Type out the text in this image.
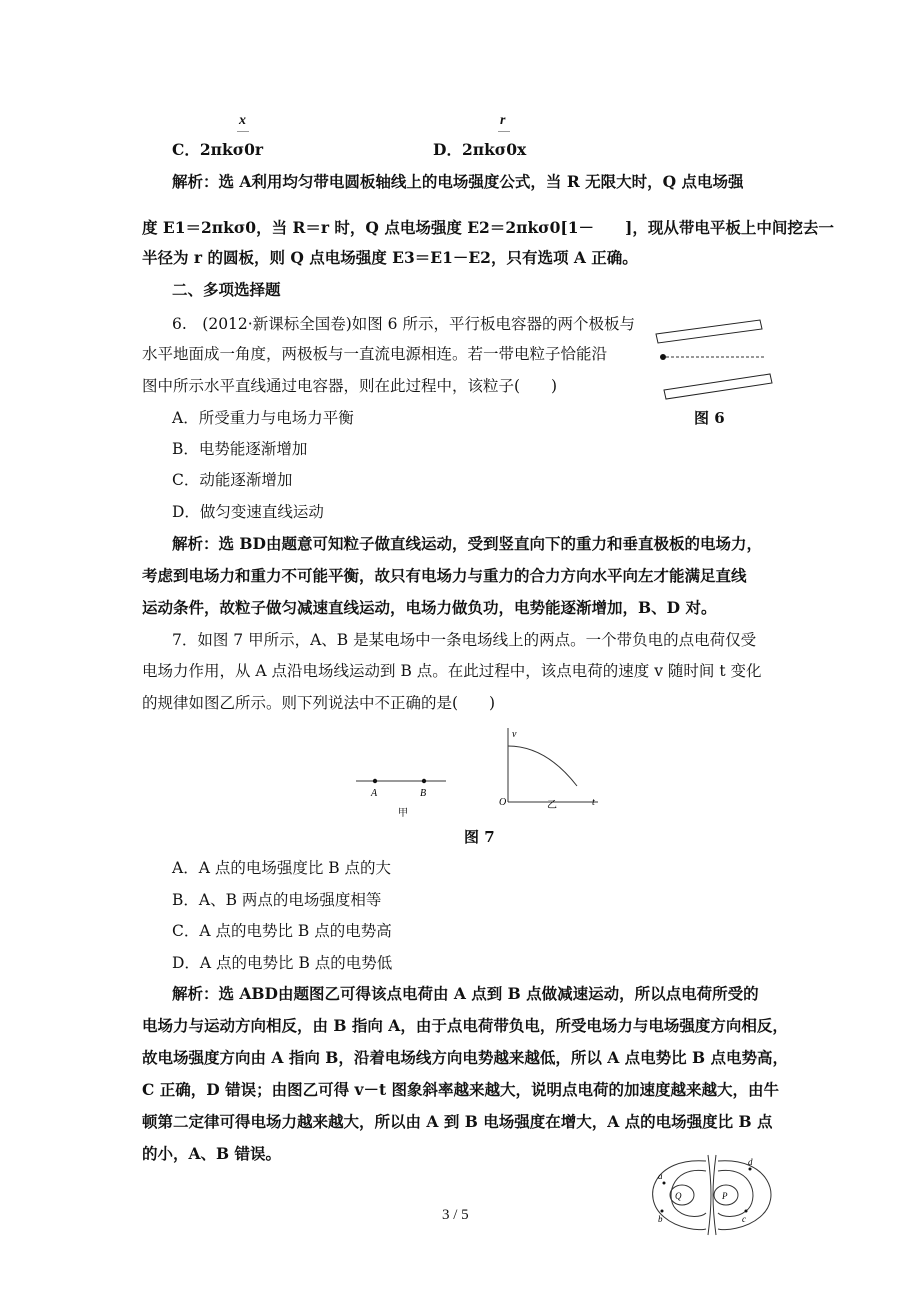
x	r
C．2πkσ0r	D．2πkσ0x
解析：选 A利用均匀带电圆板轴线上的电场强度公式，当 R 无限大时，Q 点电场强
度 E1＝2πkσ0，当 R＝r 时，Q 点电场强度 E2＝2πkσ0[1－　　]，现从带电平板上中间挖去一
半径为 r 的圆板，则 Q 点电场强度 E3＝E1－E2，只有选项 A 正确。
二、多项选择题
6.　(2012·新课标全国卷)如图 6 所示，平行板电容器的两个极板与
水平地面成一角度，两极板与一直流电源相连。若一带电粒子恰能沿
图中所示水平直线通过电容器，则在此过程中，该粒子(　　)
A．所受重力与电场力平衡
B．电势能逐渐增加
C．动能逐渐增加
D．做匀变速直线运动
图 6
解析：选 BD由题意可知粒子做直线运动，受到竖直向下的重力和垂直极板的电场力，
考虑到电场力和重力不可能平衡，故只有电场力与重力的合力方向水平向左才能满足直线
运动条件，故粒子做匀减速直线运动，电场力做负功，电势能逐渐增加，B、D 对。
7．如图 7 甲所示，A、B 是某电场中一条电场线上的两点。一个带负电的点电荷仅受
电场力作用，从 A 点沿电场线运动到 B 点。在此过程中，该点电荷的速度 v 随时间 t 变化
的规律如图乙所示。则下列说法中不正确的是(　　)
A	B
甲
v
O	t
乙
图 7
A．A 点的电场强度比 B 点的大
B．A、B 两点的电场强度相等
C．A 点的电势比 B 点的电势高
D．A 点的电势比 B 点的电势低
解析：选 ABD由题图乙可得该点电荷由 A 点到 B 点做减速运动，所以点电荷所受的
电场力与运动方向相反，由 B 指向 A，由于点电荷带负电，所受电场力与电场强度方向相反，
故电场强度方向由 A 指向 B，沿着电场线方向电势越来越低，所以 A 点电势比 B 点电势高，
C 正确，D 错误；由图乙可得 v－t 图象斜率越来越大，说明点电荷的加速度越来越大，由牛
顿第二定律可得电场力越来越大，所以由 A 到 B 电场强度在增大，A 点的电场强度比 B 点
的小，A、B 错误。
a
b	c
d
Q	P
3 / 5
